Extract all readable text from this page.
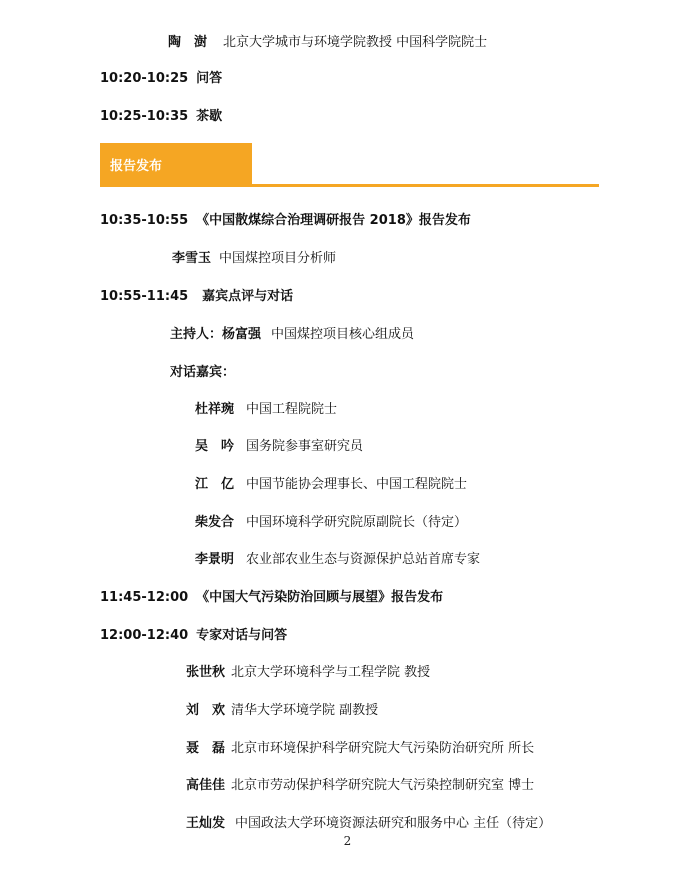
陶　澍 北京大学城市与环境学院教授 中国科学院院士
10:20-10:25 问答
10:25-10:35 茶歇
报告发布
10:35-10:55 《中国散煤综合治理调研报告 2018》报告发布
李雪玉 中国煤控项目分析师
10:55-11:45 嘉宾点评与对话
主持人：杨富强 中国煤控项目核心组成员
对话嘉宾：
杜祥琬 中国工程院院士
吴　吟 国务院参事室研究员
江　亿 中国节能协会理事长、中国工程院院士
柴发合 中国环境科学研究院原副院长（待定）
李景明 农业部农业生态与资源保护总站首席专家
11:45-12:00 《中国大气污染防治回顾与展望》报告发布
12:00-12:40 专家对话与问答
张世秋 北京大学环境科学与工程学院 教授
刘　欢 清华大学环境学院 副教授
聂　磊 北京市环境保护科学研究院大气污染防治研究所 所长
高佳佳 北京市劳动保护科学研究院大气污染控制研究室 博士
王灿发 中国政法大学环境资源法研究和服务中心 主任（待定）
2
